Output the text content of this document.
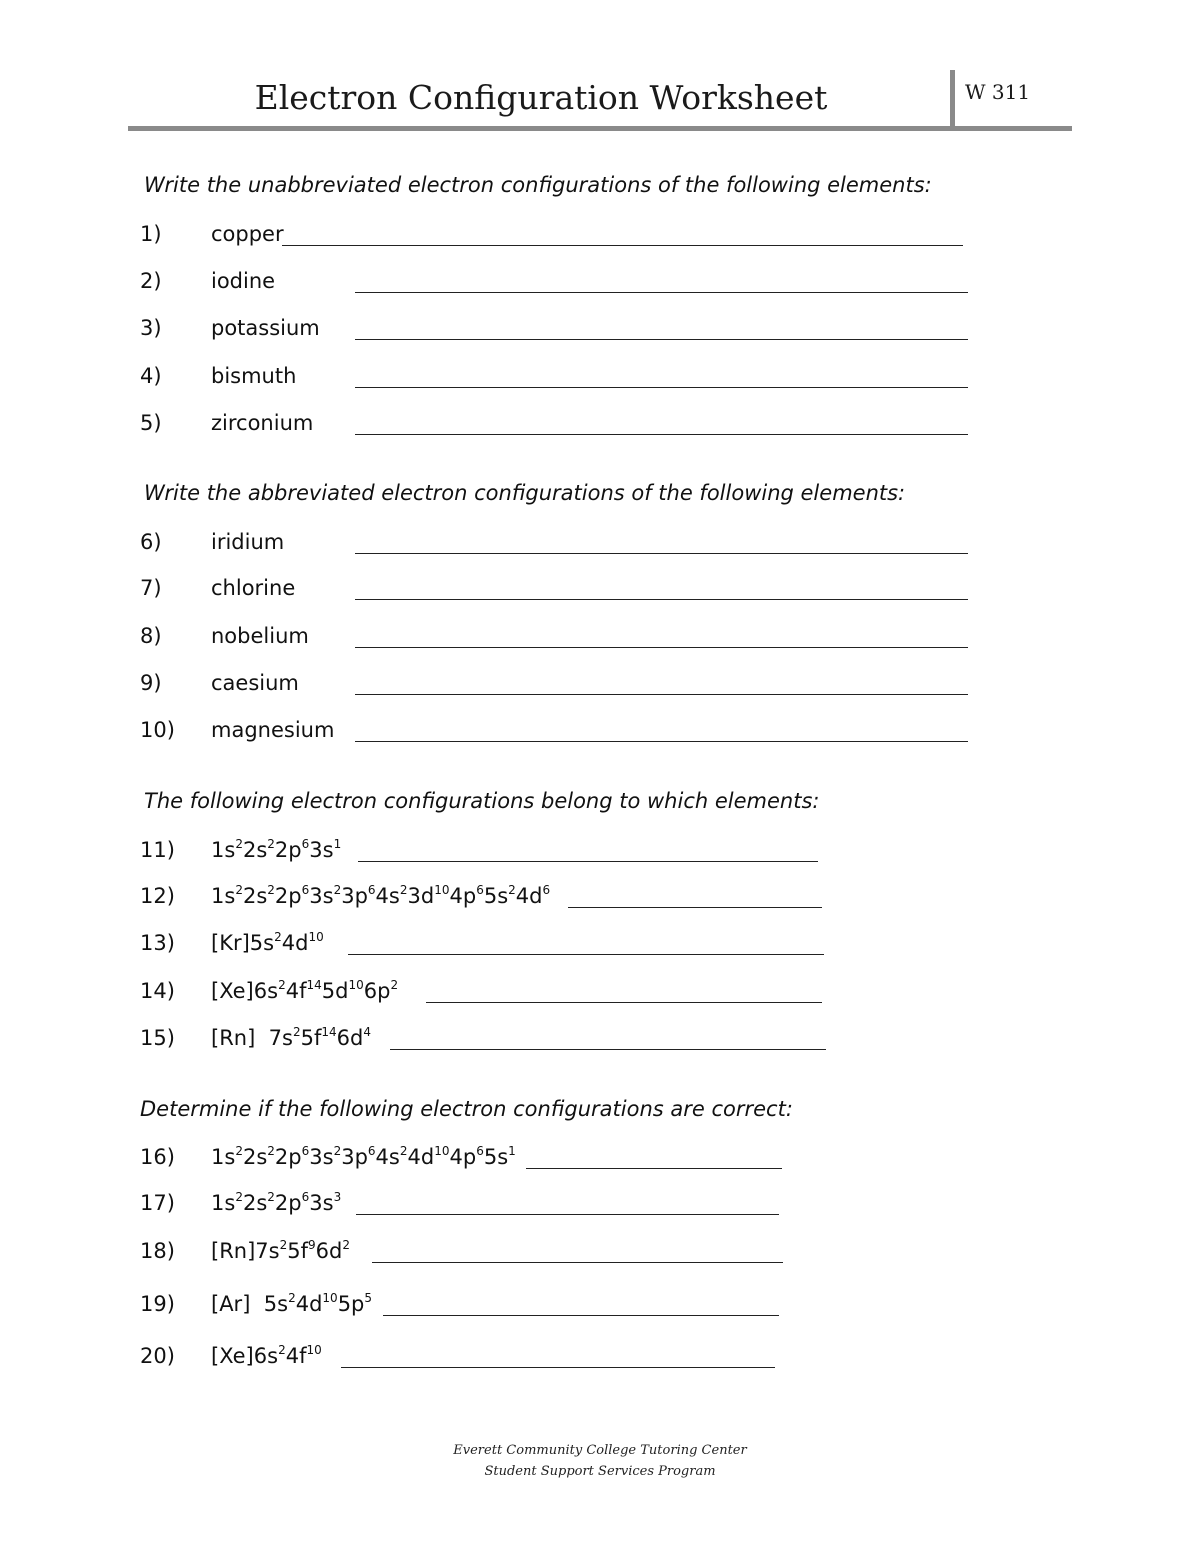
Electron Configuration Worksheet	W 311
Write the unabbreviated electron configurations of the following elements:
Write the abbreviated electron configurations of the following elements:
The following electron configurations belong to which elements:
Determine if the following electron configurations are correct:
1) copper
2) iodine
3) potassium
4) bismuth
5) zirconium
6) iridium
7) chlorine
8) nobelium
9) caesium
10) magnesium
11) $1s^22s^22p^63s^1$
12) $1s^22s^22p^63s^23p^64s^23d^{10}4p^65s^24d^6$
13) $[Kr]5s^24d^{10}$
14) $[Xe]6s^24f^{14}5d^{10}6p^2$
15) [Rn] $7s^25f^{14}6d^4$
16) $1s^22s^22p^63s^23p^64s^24d^{10}4p^65s^1$
17) $1s^22s^22p^63s^3$
18) $[Rn]7s^25f^96d^2$
19) [Ar] $5s^24d^{10}5p^5$
20) $[Xe]6s^24f^{10}$
Everett Community College Tutoring Center
Student Support Services Program
